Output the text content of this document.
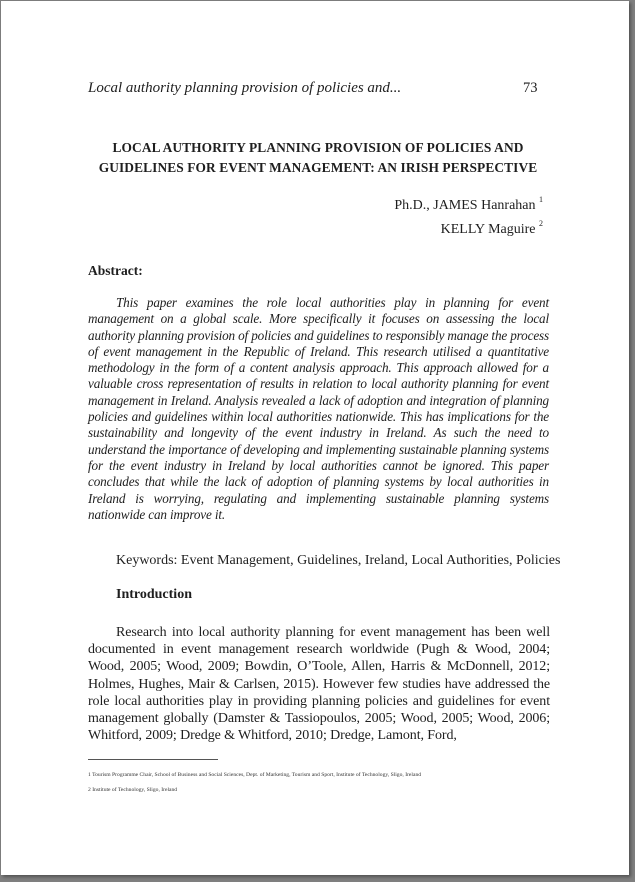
Local authority planning provision of policies and...	73
LOCAL AUTHORITY PLANNING PROVISION OF POLICIES AND
GUIDELINES FOR EVENT MANAGEMENT: AN IRISH PERSPECTIVE
Ph.D., JAMES Hanrahan $^1$
KELLY Maguire $^2$
Abstract:

This paper examines the role local authorities play in planning for event management on a global scale. More specifically it focuses on assessing the local authority planning provision of policies and guidelines to responsibly manage the process of event management in the Republic of Ireland. This research utilised a quantitative methodology in the form of a content analysis approach. This approach allowed for a valuable cross representation of results in relation to local authority planning for event management in Ireland. Analysis revealed a lack of adoption and integration of planning policies and guidelines within local authorities nationwide. This has implications for the sustainability and longevity of the event industry in Ireland. As such the need to understand the importance of developing and implementing sustainable planning systems for the event industry in Ireland by local authorities cannot be ignored. This paper concludes that while the lack of adoption of planning systems by local authorities in Ireland is worrying, regulating and implementing sustainable planning systems nationwide can improve it.

Keywords: Event Management, Guidelines, Ireland, Local Authorities, Policies
Introduction

Research into local authority planning for event management has been well documented in event management research worldwide (Pugh & Wood, 2004; Wood, 2005; Wood, 2009; Bowdin, O’Toole, Allen, Harris & McDonnell, 2012; Holmes, Hughes, Mair & Carlsen, 2015). However few studies have addressed the role local authorities play in providing planning policies and guidelines for event management globally (Damster & Tassiopoulos, 2005; Wood, 2005; Wood, 2006; Whitford, 2009; Dredge & Whitford, 2010; Dredge, Lamont, Ford,

1 Tourism Programme Chair, School of Business and Social Sciences, Dept. of Marketing, Tourism and Sport, Institute of Technology, Sligo, Ireland
2 Institute of Technology, Sligo, Ireland
